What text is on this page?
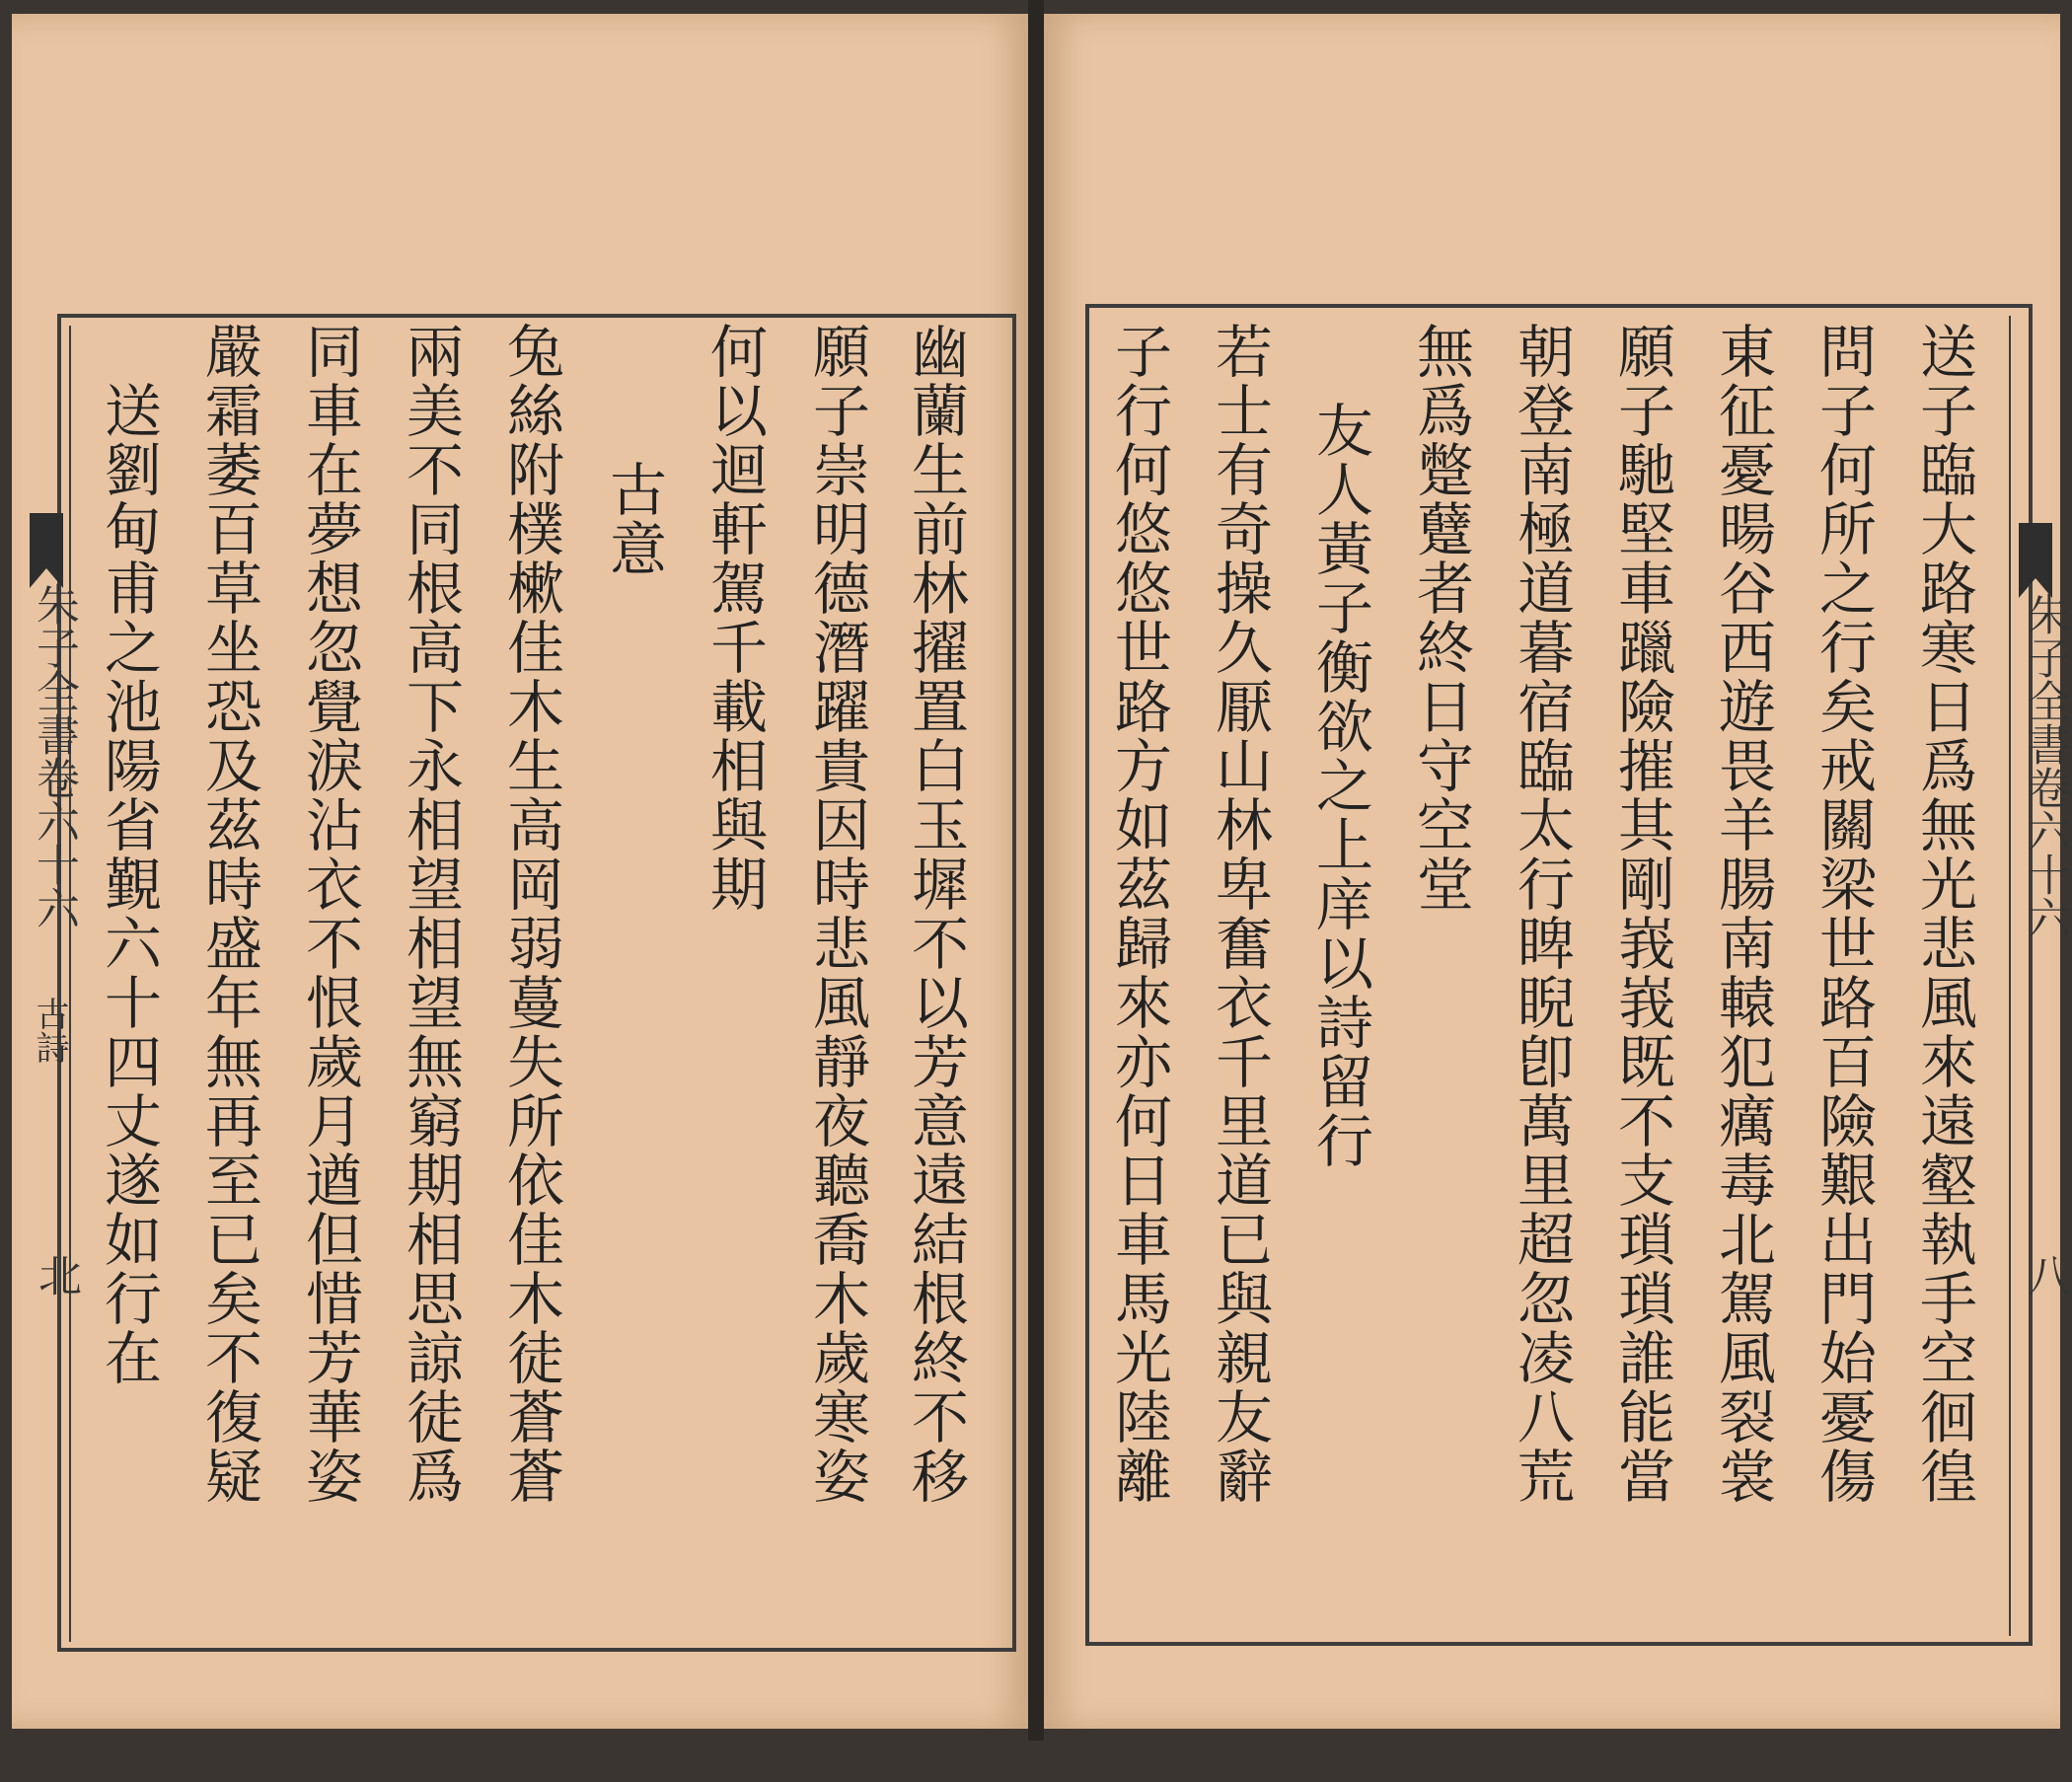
朱子全書卷六十六
古詩
北
朱子全書卷六十六
八
幽蘭生前林擢置白玉墀不以芳意遠結根終不移
願子崇明德潛躍貴因時悲風靜夜聽喬木歲寒姿
何以迴軒駕千載相與期
古意
兔絲附樸樕佳木生高岡弱蔓失所依佳木徒蒼蒼
兩美不同根高下永相望相望無窮期相思諒徒爲
同車在夢想忽覺淚沾衣不恨歲月遒但惜芳華姿
嚴霜萎百草坐恐及茲時盛年無再至已矣不復疑
送劉甸甫之池陽省覲六十四丈遂如行在	送子臨大路寒日爲無光悲風來遠壑執手空徊徨
問子何所之行矣戒關梁世路百險艱出門始憂傷
東征憂暘谷西遊畏羊腸南轅犯癘毒北駕風裂裳
願子馳堅車躐險摧其剛峩峩既不支瑣瑣誰能當
朝登南極道暮宿臨太行睥睨卽萬里超忽凌八荒
無爲蹩躠者終日守空堂
友人黃子衡欲之上庠以詩留行
若士有奇操久厭山林卑奮衣千里道已與親友辭
子行何悠悠世路方如茲歸來亦何日車馬光陸離
